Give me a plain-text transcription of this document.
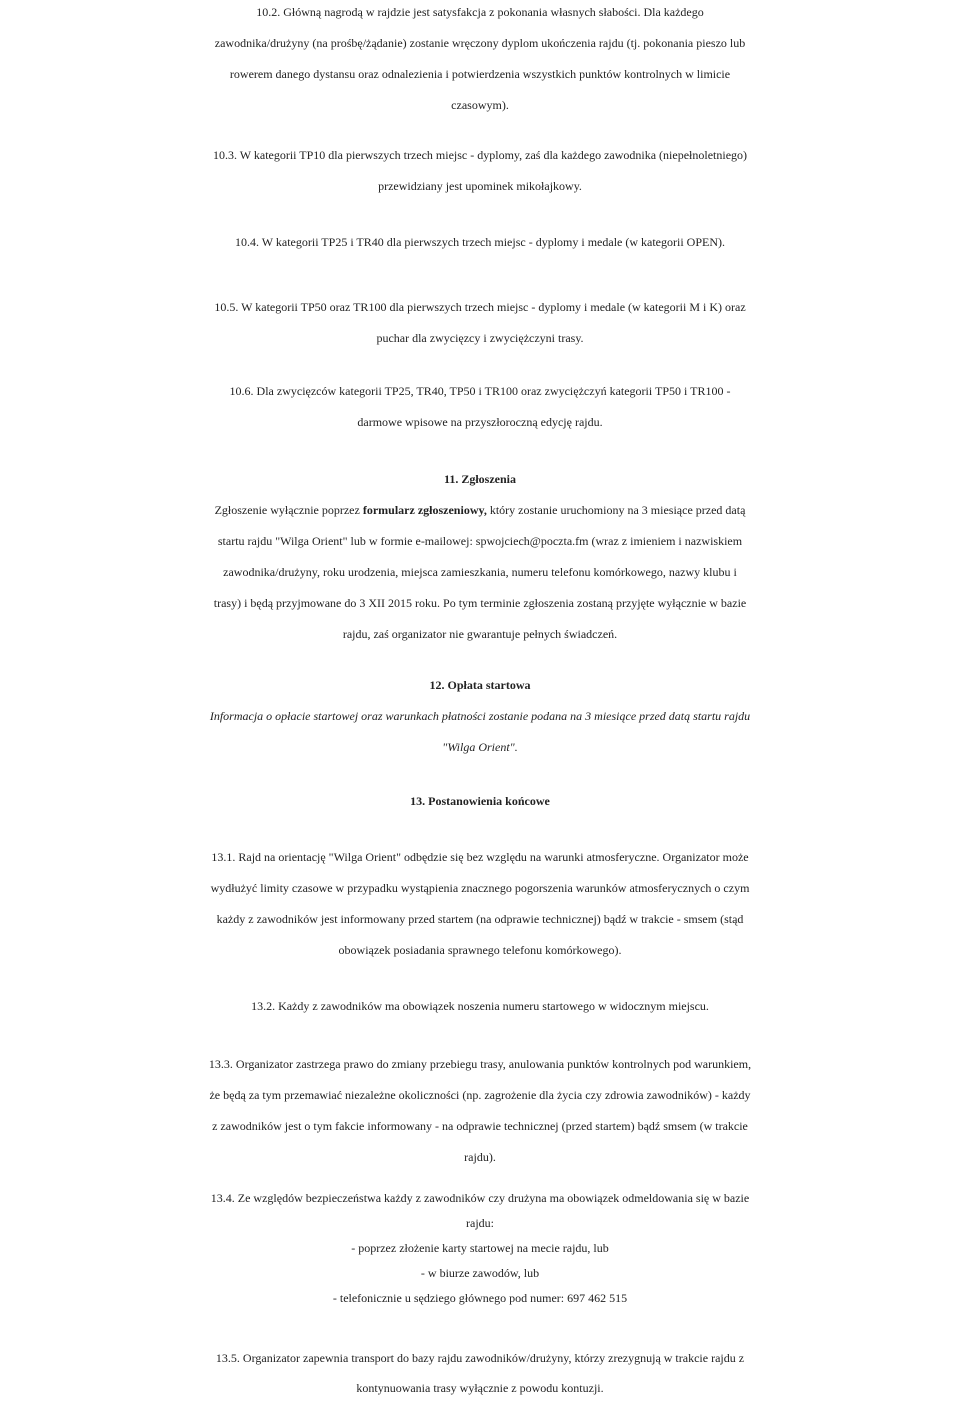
10.2. Główną nagrodą w rajdzie jest satysfakcja z pokonania własnych słabości. Dla każdego
zawodnika/drużyny (na prośbę/żądanie) zostanie wręczony dyplom ukończenia rajdu (tj. pokonania pieszo lub
rowerem danego dystansu oraz odnalezienia i potwierdzenia wszystkich punktów kontrolnych w limicie
czasowym).
10.3. W kategorii TP10 dla pierwszych trzech miejsc - dyplomy, zaś dla każdego zawodnika (niepełnoletniego)
przewidziany jest upominek mikołajkowy.
10.4. W kategorii TP25 i TR40 dla pierwszych trzech miejsc - dyplomy i medale (w kategorii OPEN).
10.5. W kategorii TP50 oraz TR100 dla pierwszych trzech miejsc - dyplomy i medale (w kategorii M i K) oraz
puchar dla zwycięzcy i zwyciężczyni trasy.
10.6. Dla zwycięzców kategorii TP25, TR40, TP50 i TR100 oraz zwyciężczyń kategorii TP50 i TR100 -
darmowe wpisowe na przyszłoroczną edycję rajdu.
11. Zgłoszenia
Zgłoszenie wyłącznie poprzez formularz zgłoszeniowy, który zostanie uruchomiony na 3 miesiące przed datą
startu rajdu "Wilga Orient" lub w formie e-mailowej: spwojciech@poczta.fm (wraz z imieniem i nazwiskiem
zawodnika/drużyny, roku urodzenia, miejsca zamieszkania, numeru telefonu komórkowego, nazwy klubu i
trasy) i będą przyjmowane do 3 XII 2015 roku. Po tym terminie zgłoszenia zostaną przyjęte wyłącznie w bazie
rajdu, zaś organizator nie gwarantuje pełnych świadczeń.
12. Opłata startowa
Informacja o opłacie startowej oraz warunkach płatności zostanie podana na 3 miesiące przed datą startu rajdu
"Wilga Orient".
13. Postanowienia końcowe
13.1. Rajd na orientację "Wilga Orient" odbędzie się bez względu na warunki atmosferyczne. Organizator może
wydłużyć limity czasowe w przypadku wystąpienia znacznego pogorszenia warunków atmosferycznych o czym
każdy z zawodników jest informowany przed startem (na odprawie technicznej) bądź w trakcie - smsem (stąd
obowiązek posiadania sprawnego telefonu komórkowego).
13.2. Każdy z zawodników ma obowiązek noszenia numeru startowego w widocznym miejscu.
13.3. Organizator zastrzega prawo do zmiany przebiegu trasy, anulowania punktów kontrolnych pod warunkiem,
że będą za tym przemawiać niezależne okoliczności (np. zagrożenie dla życia czy zdrowia zawodników) - każdy
z zawodników jest o tym fakcie informowany - na odprawie technicznej (przed startem) bądź smsem (w trakcie
rajdu).
13.4. Ze względów bezpieczeństwa każdy z zawodników czy drużyna ma obowiązek odmeldowania się w bazie
rajdu:
- poprzez złożenie karty startowej na mecie rajdu, lub
- w biurze zawodów, lub
- telefonicznie u sędziego głównego pod numer: 697 462 515
13.5. Organizator zapewnia transport do bazy rajdu zawodników/drużyny, którzy zrezygnują w trakcie rajdu z
kontynuowania trasy wyłącznie z powodu kontuzji.
